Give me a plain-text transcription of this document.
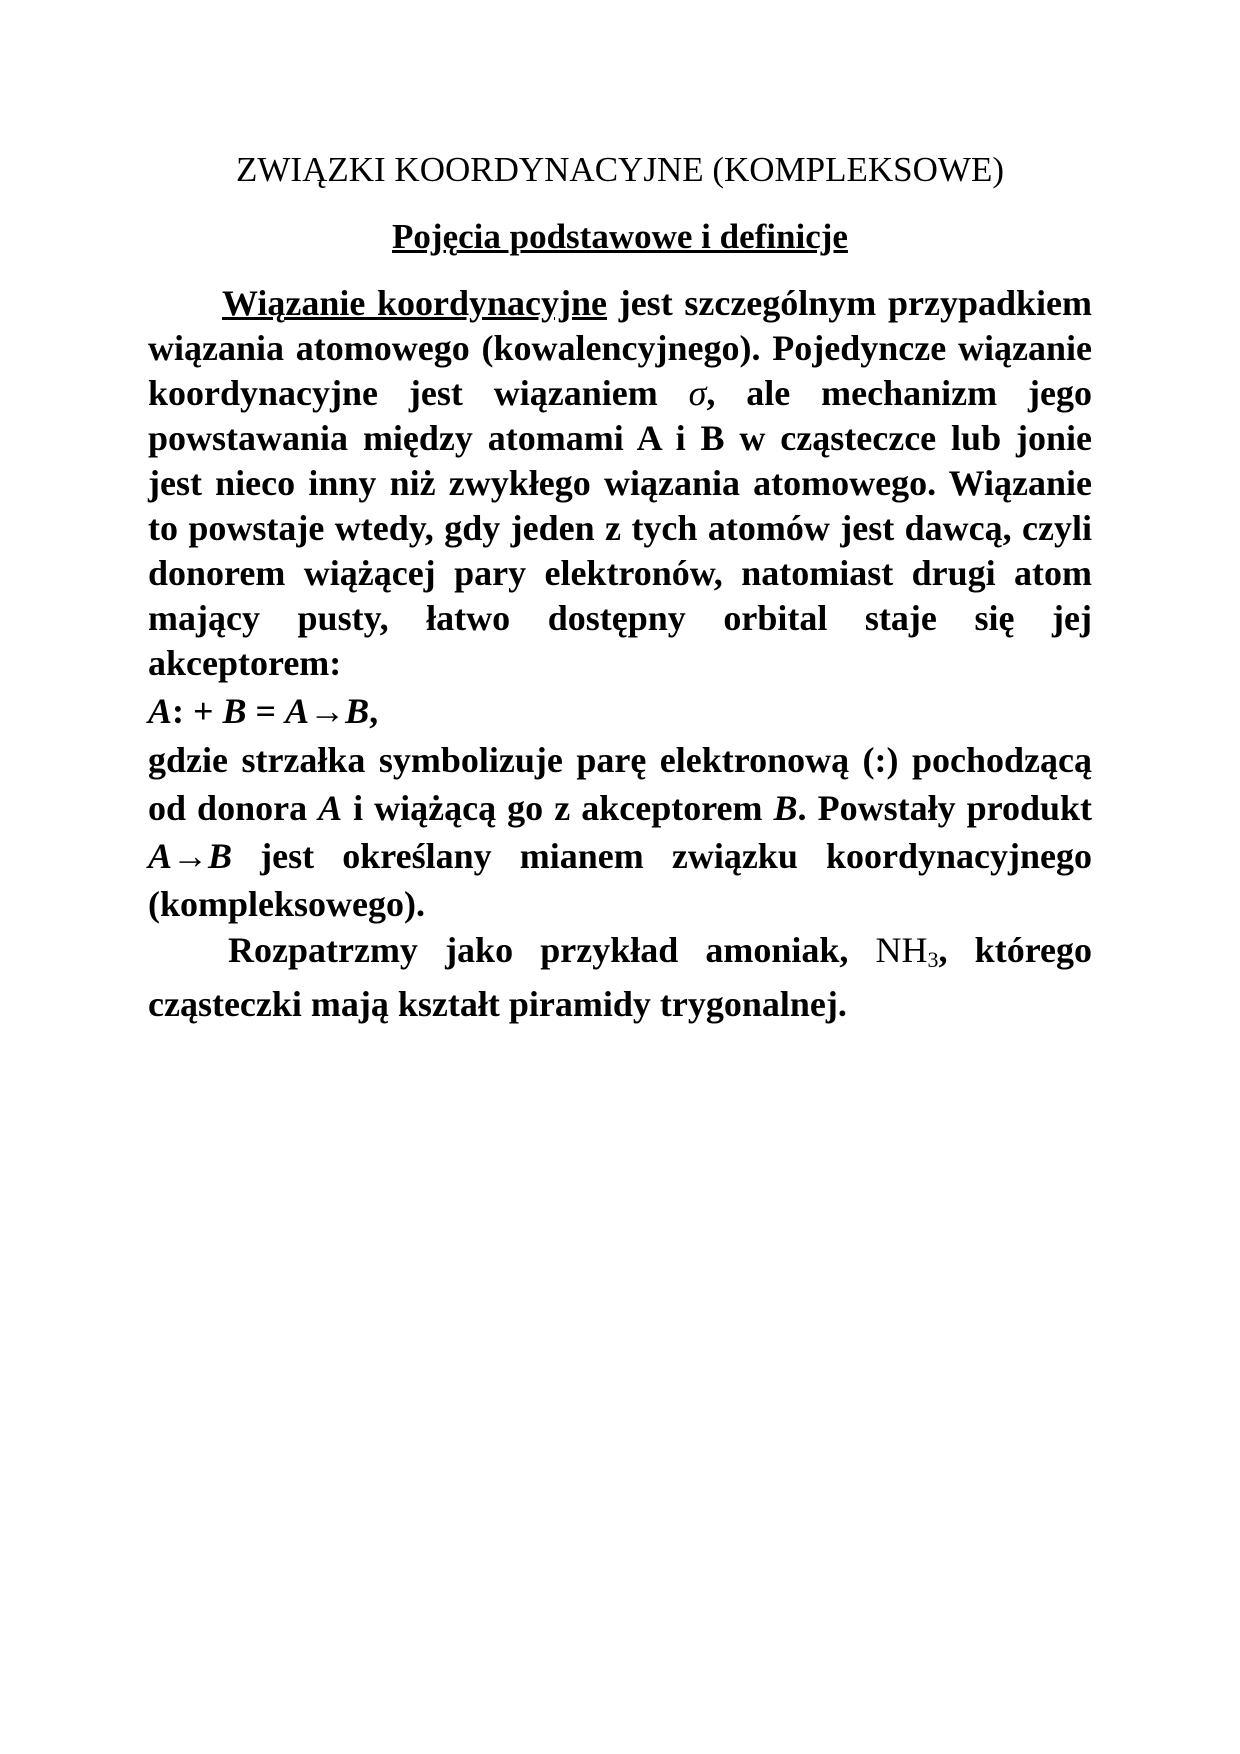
ZWIĄZKI KOORDYNACYJNE (KOMPLEKSOWE)
Pojęcia podstawowe i definicje

Wiązanie koordynacyjne jest szczególnym przypadkiem wiązania atomowego (kowalencyjnego). Pojedyncze wiązanie koordynacyjne jest wiązaniem σ, ale mechanizm jego powstawania między atomami A i B w cząsteczce lub jonie jest nieco inny niż zwykłego wiązania atomowego. Wiązanie to powstaje wtedy, gdy jeden z tych atomów jest dawcą, czyli donorem wiążącej pary elektronów, natomiast drugi atom mający pusty, łatwo dostępny orbital staje się jej akceptorem:

A: + B = A→B,

gdzie strzałka symbolizuje parę elektronową (:) pochodzącą od donora A i wiążącą go z akceptorem B. Powstały produkt A→B jest określany mianem związku koordynacyjnego (kompleksowego).

Rozpatrzmy jako przykład amoniak, NH3, którego cząsteczki mają kształt piramidy trygonalnej.
